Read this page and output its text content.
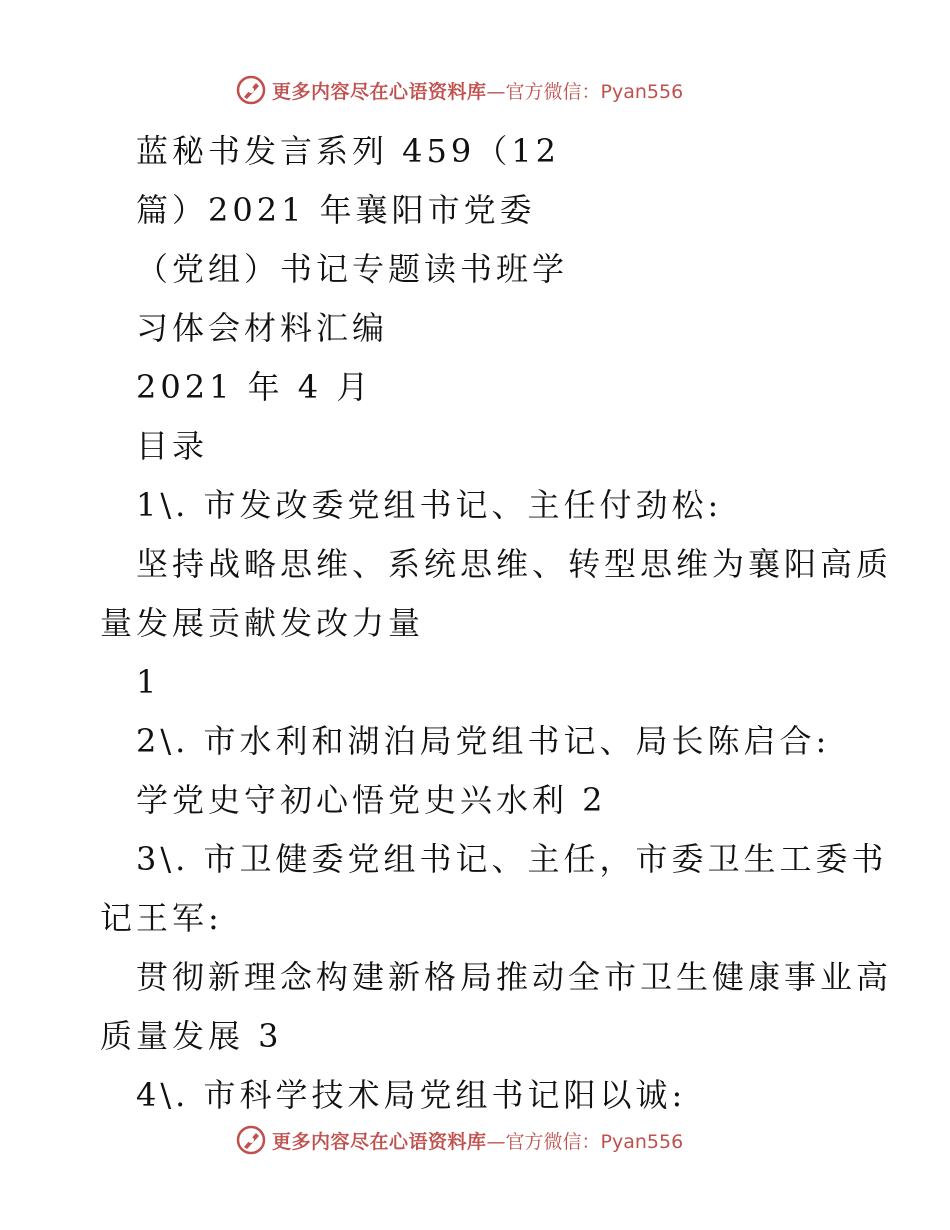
更多内容尽在心语资料库 —官方微信：Pyan556
蓝秘书发言系列 459（12
篇）2021 年襄阳市党委
（党组）书记专题读书班学
习体会材料汇编
2021 年 4 月
目录
1\. 市发改委党组书记、主任付劲松:
坚持战略思维、系统思维、转型思维为襄阳高质
量发展贡献发改力量
1
2\. 市水利和湖泊局党组书记、局长陈启合:
学党史守初心悟党史兴水利 2
3\. 市卫健委党组书记、主任，市委卫生工委书
记王军:
贯彻新理念构建新格局推动全市卫生健康事业高
质量发展 3
4\. 市科学技术局党组书记阳以诚:
更多内容尽在心语资料库 —官方微信：Pyan556
